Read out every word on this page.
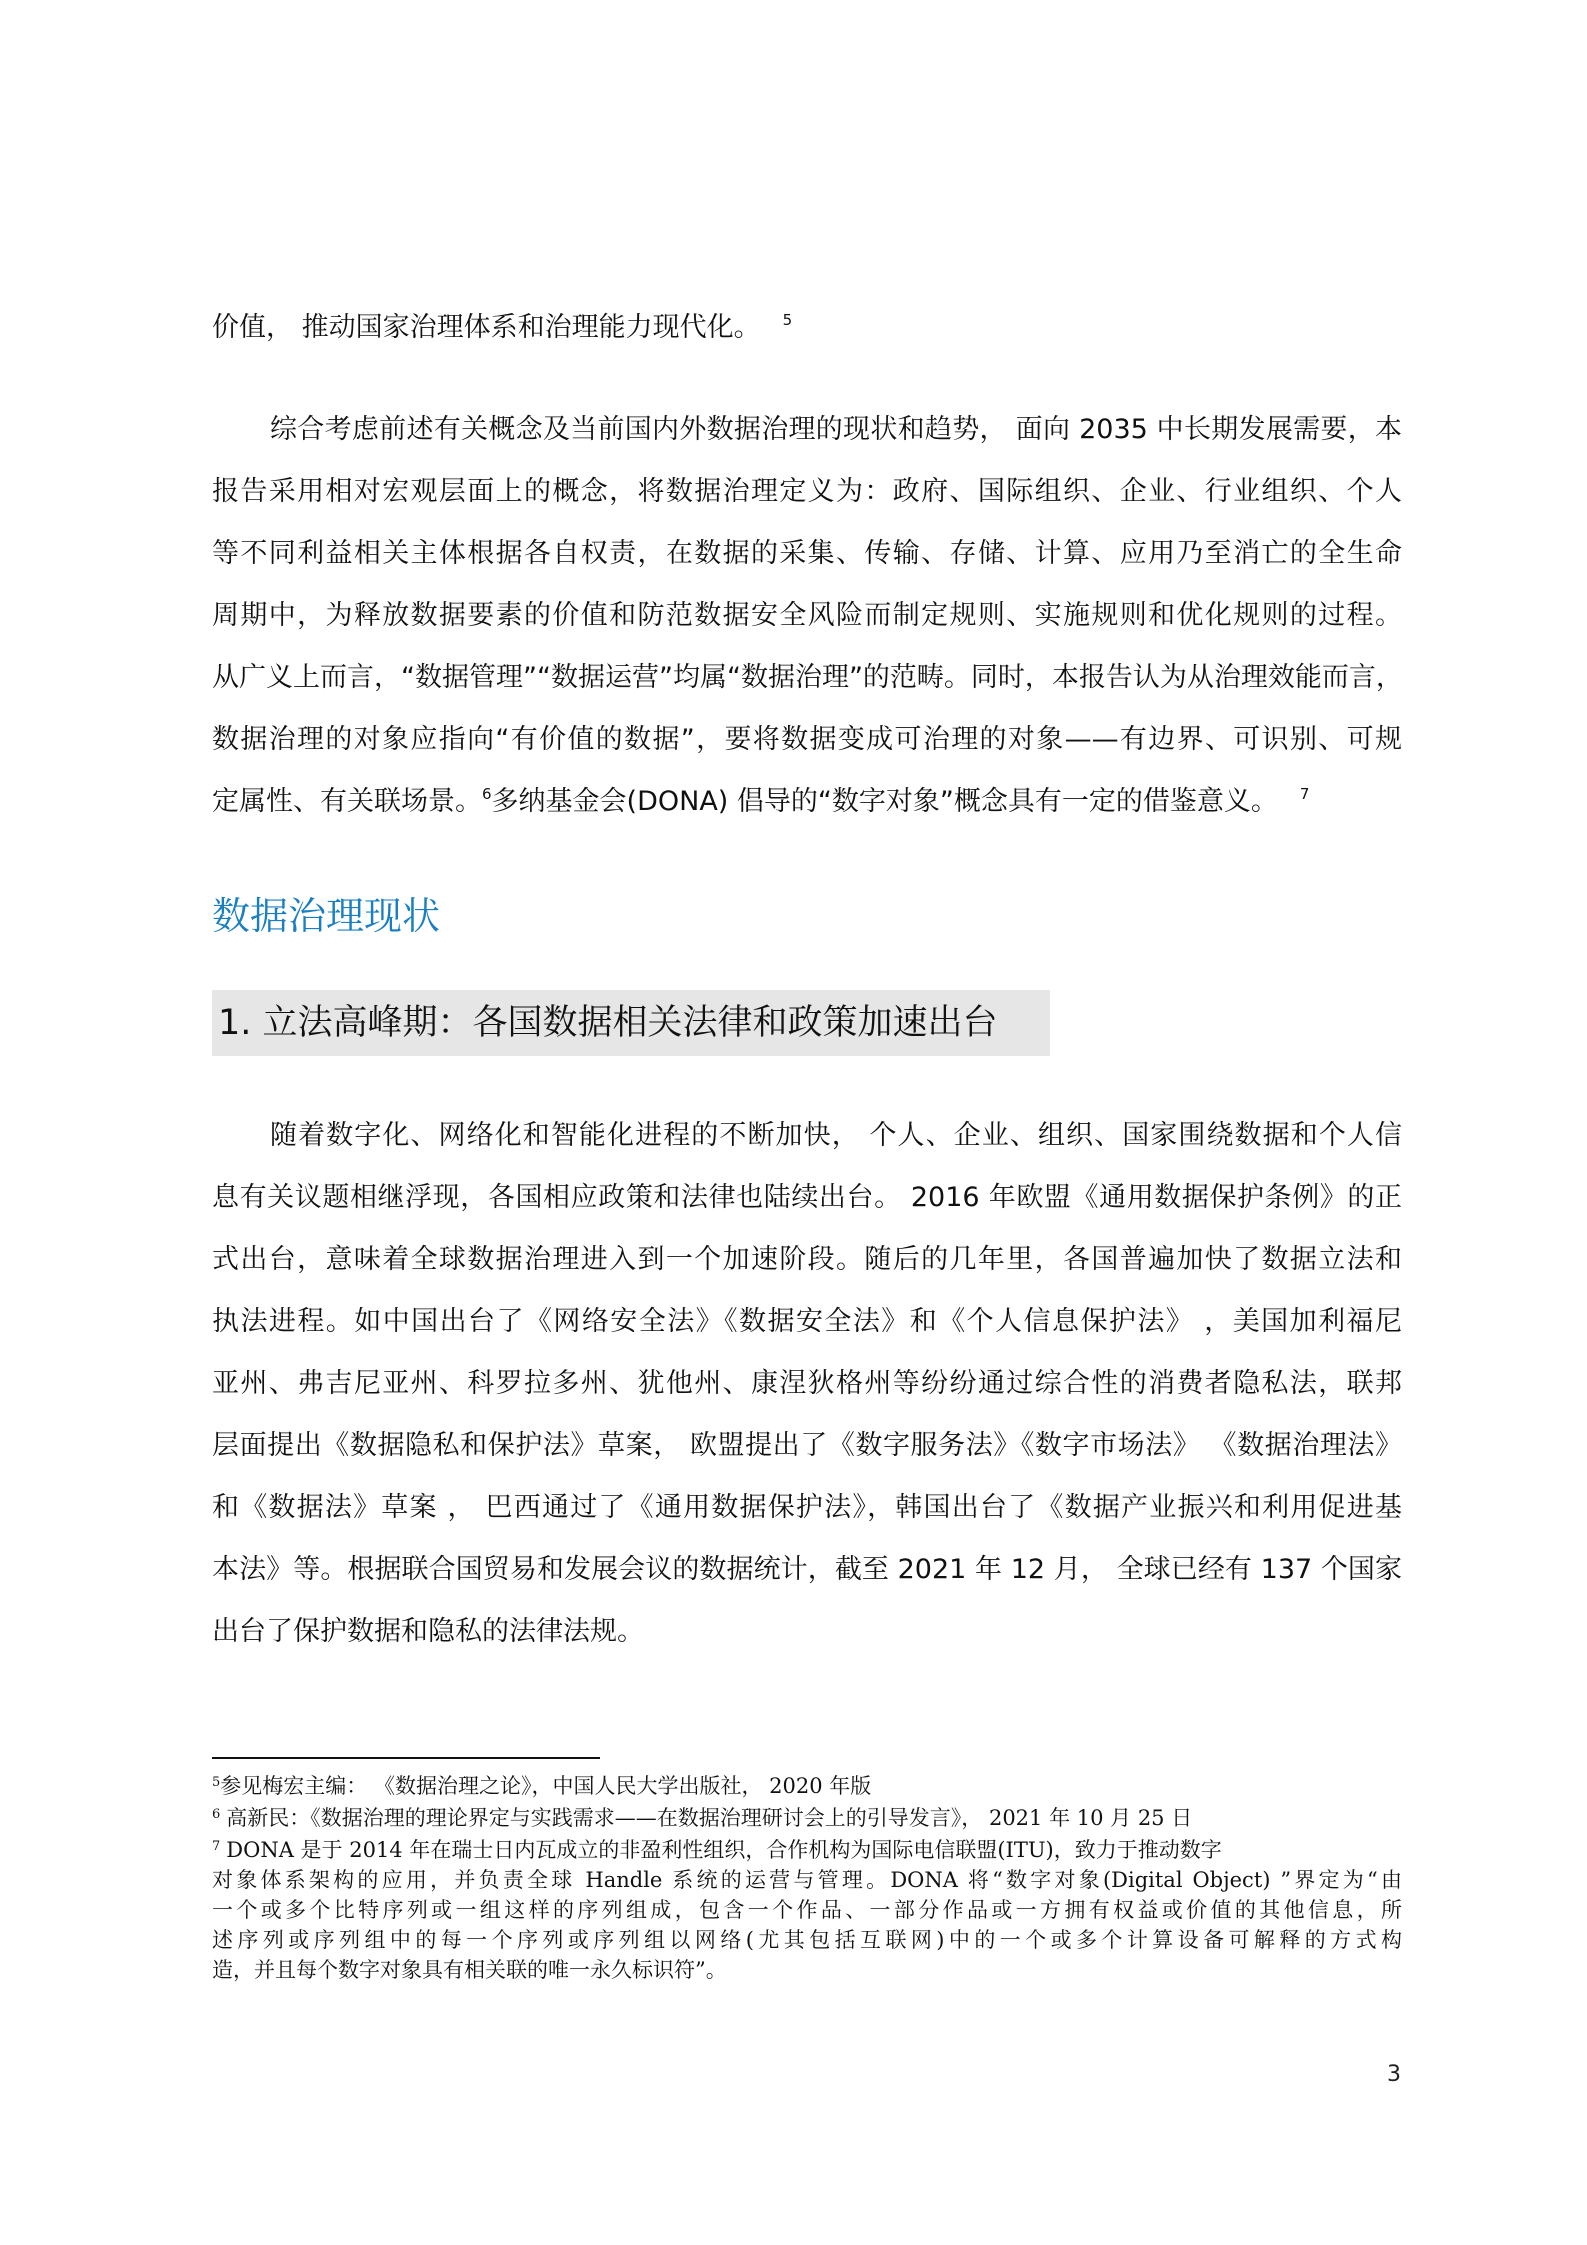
价值， 推动国家治理体系和治理能力现代化。 $^5$
综合考虑前述有关概念及当前国内外数据治理的现状和趋势， 面向 2035 中长期发展需要，本
报告采用相对宏观层面上的概念，将数据治理定义为：政府、国际组织、企业、行业组织、个人
等不同利益相关主体根据各自权责，在数据的采集、传输、存储、计算、应用乃至消亡的全生命
周期中，为释放数据要素的价值和防范数据安全风险而制定规则、实施规则和优化规则的过程。
从广义上而言，“数据管理”“数据运营”均属“数据治理”的范畴。同时，本报告认为从治理效能而言，
数据治理的对象应指向“有价值的数据”，要将数据变成可治理的对象——有边界、可识别、可规
定属性、有关联场景。$^6$多纳基金会(DONA) 倡导的“数字对象”概念具有一定的借鉴意义。 $^7$
数据治理现状
1. 立法高峰期：各国数据相关法律和政策加速出台
随着数字化、网络化和智能化进程的不断加快， 个人、企业、组织、国家围绕数据和个人信
息有关议题相继浮现，各国相应政策和法律也陆续出台。 2016 年欧盟《通用数据保护条例》的正
式出台，意味着全球数据治理进入到一个加速阶段。随后的几年里，各国普遍加快了数据立法和
执法进程。如中国出台了《网络安全法》《数据安全法》和《个人信息保护法》 ，美国加利福尼
亚州、弗吉尼亚州、科罗拉多州、犹他州、康涅狄格州等纷纷通过综合性的消费者隐私法，联邦
层面提出《数据隐私和保护法》草案， 欧盟提出了《数字服务法》《数字市场法》 《数据治理法》
和《数据法》草案 ， 巴西通过了《通用数据保护法》，韩国出台了《数据产业振兴和利用促进基
本法》等。根据联合国贸易和发展会议的数据统计，截至 2021 年 12 月， 全球已经有 137 个国家
出台了保护数据和隐私的法律法规。
$^5$参见梅宏主编： 《数据治理之论》，中国人民大学出版社， 2020 年版
$^6$ 高新民：《数据治理的理论界定与实践需求——在数据治理研讨会上的引导发言》， 2021 年 10 月 25 日
$^7$ DONA 是于 2014 年在瑞士日内瓦成立的非盈利性组织，合作机构为国际电信联盟(ITU)，致力于推动数字
对象体系架构的应用，并负责全球 Handle 系统的运营与管理。DONA 将“数字对象(Digital Object) ”界定为“由
一个或多个比特序列或一组这样的序列组成，包含一个作品、一部分作品或一方拥有权益或价值的其他信息，所
述序列或序列组中的每一个序列或序列组以网络(尤其包括互联网)中的一个或多个计算设备可解释的方式构
造，并且每个数字对象具有相关联的唯一永久标识符”。
3
